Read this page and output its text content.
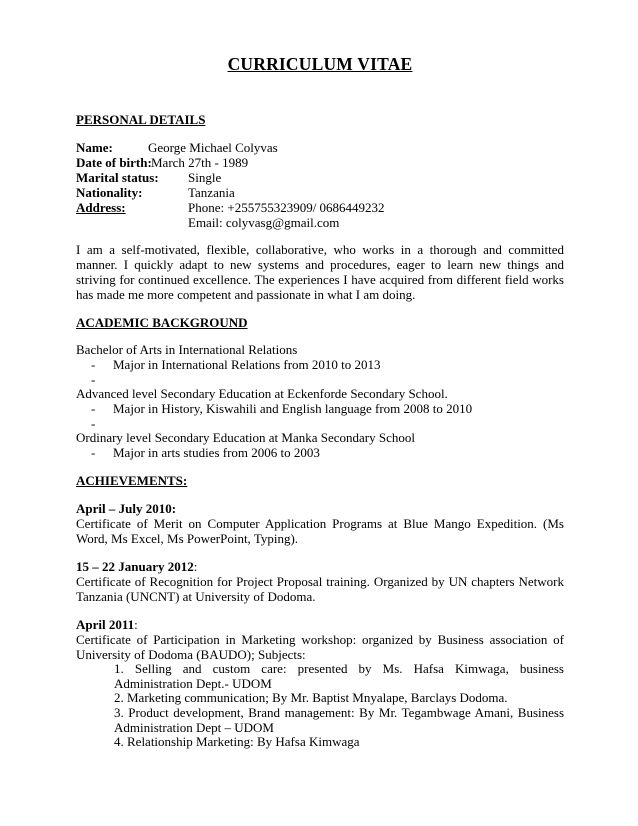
CURRICULUM VITAE
PERSONAL DETAILS
Name:	George Michael Colyvas
Date of birth: March 27th - 1989
Marital status: Single
Nationality:	Tanzania
Address:	Phone: +255755323909/ 0686449232
Email: colyvasg@gmail.com
I am a self-motivated, flexible, collaborative, who works in a thorough and committed manner. I quickly adapt to new systems and procedures, eager to learn new things and striving for continued excellence. The experiences I have acquired from different field works has made me more competent and passionate in what I am doing.
ACADEMIC BACKGROUND
Bachelor of Arts in International Relations
- Major in International Relations from 2010 to 2013
-
Advanced level Secondary Education at Eckenforde Secondary School.
- Major in History, Kiswahili and English language from 2008 to 2010
-
Ordinary level Secondary Education at Manka Secondary School
- Major in arts studies from 2006 to 2003
ACHIEVEMENTS:
April – July 2010:
Certificate of Merit on Computer Application Programs at Blue Mango Expedition. (Ms Word, Ms Excel, Ms PowerPoint, Typing).
15 – 22 January 2012:
Certificate of Recognition for Project Proposal training. Organized by UN chapters Network Tanzania (UNCNT) at University of Dodoma.
April 2011:
Certificate of Participation in Marketing workshop: organized by Business association of University of Dodoma (BAUDO); Subjects:
1. Selling and custom care: presented by Ms. Hafsa Kimwaga, business Administration Dept.- UDOM
2. Marketing communication; By Mr. Baptist Mnyalape, Barclays Dodoma.
3. Product development, Brand management: By Mr. Tegambwage Amani, Business Administration Dept – UDOM
4. Relationship Marketing: By Hafsa Kimwaga
